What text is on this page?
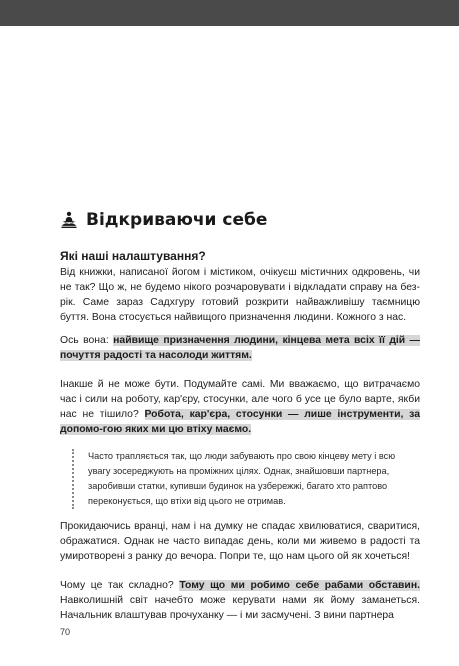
Відкриваючи себе
Які наші налаштування?

Від книжки, написаної йогом і містиком, очікуєш містичних одкровень, чи не так? Що ж, не будемо нікого розчаровувати і відкладати справу на без-рік. Саме зараз Садхгуру готовий розкрити найважливішу таємницю буття. Вона стосується найвищого призначення людини. Кожного з нас.

Ось вона: найвище призначення людини, кінцева мета всіх її дій — почуття радості та насолоди життям.

Інакше й не може бути. Подумайте самі. Ми вважаємо, що витрачаємо час і сили на роботу, кар'єру, стосунки, але чого б усе це було варте, якби нас не тішило? Робота, кар'єра, стосунки — лише інструменти, за допомо-гою яких ми цю втіху маємо.

Часто трапляється так, що люди забувають про свою кінцеву мету і всю увагу зосереджують на проміжних цілях. Однак, знайшовши партнера, заробивши статки, купивши будинок на узбережжі, багато хто раптово переконується, що втіхи від цього не отримав.

Прокидаючись вранці, нам і на думку не спадає хвилюватися, сваритися, ображатися. Однак не часто випадає день, коли ми живемо в радості та умиротворені з ранку до вечора. Попри те, що нам цього ой як хочеться!

Чому це так складно? Тому що ми робимо себе рабами обставин. Навколишній світ начебто може керувати нами як йому заманеться. Начальник влаштував прочуханку — і ми засмучені. З вини партнера

70
